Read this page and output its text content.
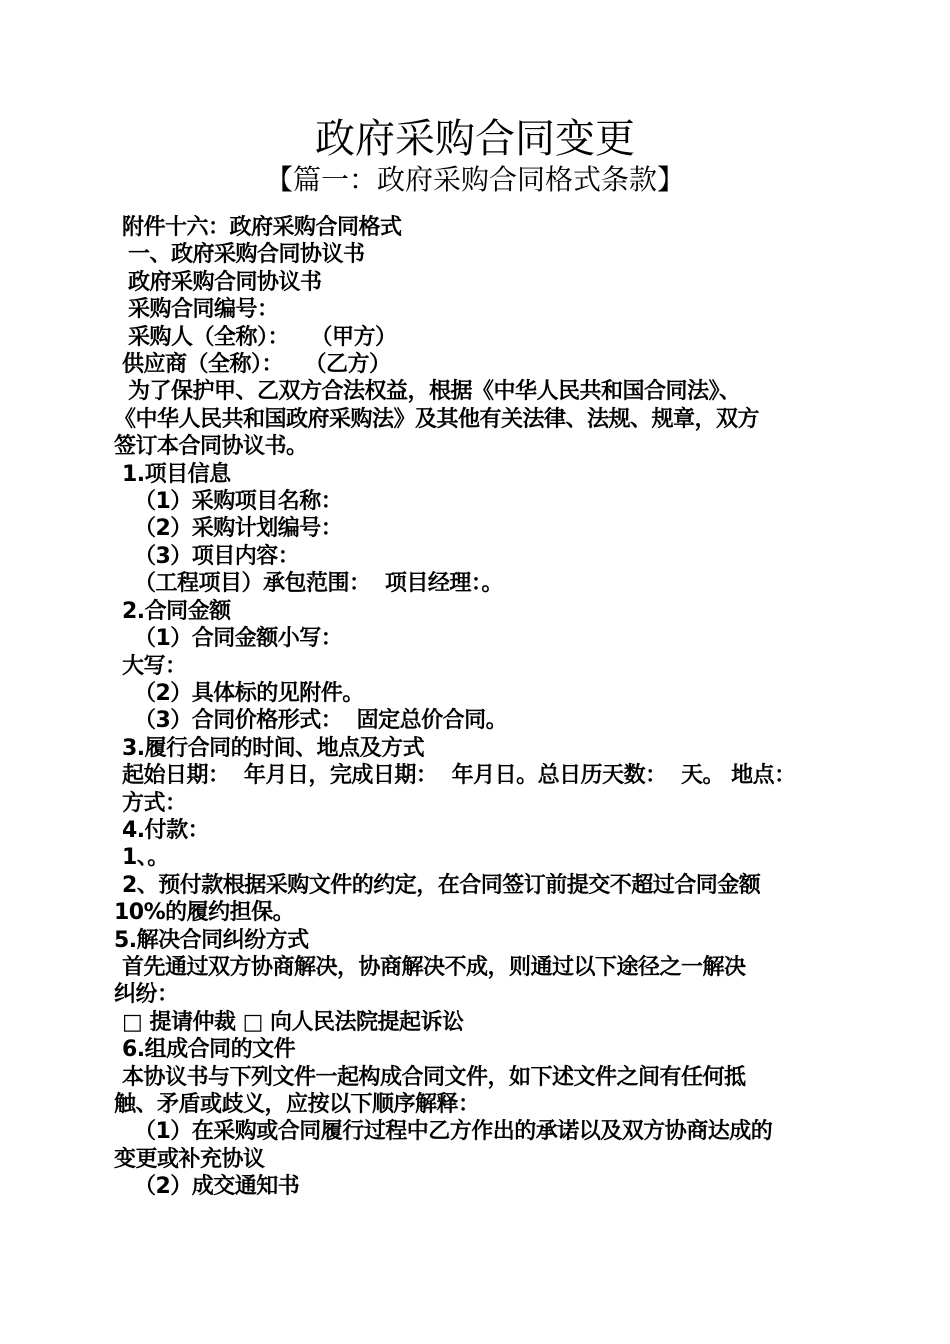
政府采购合同变更
【篇一：政府采购合同格式条款】

附件十六：政府采购合同格式

一、政府采购合同协议书

政府采购合同协议书

采购合同编号：

采购人（全称）：   （甲方）

供应商（全称）：   （乙方）

为了保护甲、乙双方合法权益，根据《中华人民共和国合同法》、

《中华人民共和国政府采购法》及其他有关法律、法规、规章，双方

签订本合同协议书。

1.项目信息

（1）采购项目名称：

（2）采购计划编号：

（3）项目内容：

（工程项目）承包范围：  项目经理：。

2.合同金额

（1）合同金额小写：

大写：

（2）具体标的见附件。

（3）合同价格形式：  固定总价合同。

3.履行合同的时间、地点及方式

起始日期：  年月日，完成日期：  年月日。总日历天数：  天。 地点：

方式：

4.付款：

1、。

2、预付款根据采购文件的约定，在合同签订前提交不超过合同金额

10%的履约担保。

5.解决合同纠纷方式

首先通过双方协商解决，协商解决不成，则通过以下途径之一解决

纠纷：

□ 提请仲裁 □ 向人民法院提起诉讼

6.组成合同的文件

本协议书与下列文件一起构成合同文件，如下述文件之间有任何抵

触、矛盾或歧义，应按以下顺序解释：

（1）在采购或合同履行过程中乙方作出的承诺以及双方协商达成的

变更或补充协议

（2）成交通知书
